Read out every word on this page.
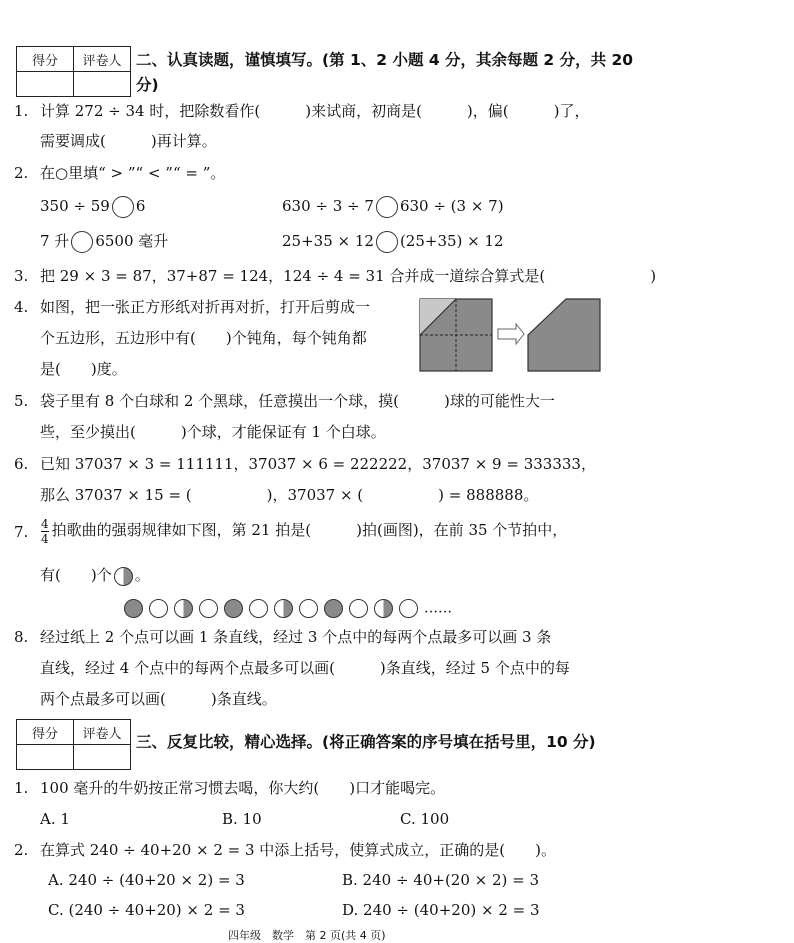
得分	评卷人
	二、认真读题，谨慎填写。(第 1、2 小题 4 分，其余每题 2 分，共 20
分)
1. 计算 272 ÷ 34 时，把除数看作(　　　)来试商，初商是(　　　)，偏(　　　)了，
需要调成(　　　)再计算。
2. 在○里填“ > ”“ < ”“ = ”。
350 ÷ 59 6	630 ÷ 3 ÷ 7 630 ÷ (3 × 7)
7 升 6500 毫升	25+35 × 12 (25+35) × 12
3. 把 29 × 3 = 87，37+87 = 124，124 ÷ 4 = 31 合并成一道综合算式是(　　　　　　　)
4. 如图，把一张正方形纸对折再对折，打开后剪成一
个五边形，五边形中有(　　)个钝角，每个钝角都
是(　　)度。
5. 袋子里有 8 个白球和 2 个黑球，任意摸出一个球，摸(　　　)球的可能性大一
些，至少摸出(　　　)个球，才能保证有 1 个白球。
6. 已知 37037 × 3 = 111111，37037 × 6 = 222222，37037 × 9 = 333333，
那么 37037 × 15 = (　　　　　)，37037 × (　　　　　) = 888888。
7. $\frac{4}{4}$ 拍歌曲的强弱规律如下图，第 21 拍是(　　　)拍(画图)，在前 35 个节拍中，
有(　　)个 。
……
8. 经过纸上 2 个点可以画 1 条直线，经过 3 个点中的每两个点最多可以画 3 条
直线，经过 4 个点中的每两个点最多可以画(　　　)条直线，经过 5 个点中的每
两个点最多可以画(　　　)条直线。
得分	评卷人
	三、反复比较，精心选择。(将正确答案的序号填在括号里，10 分)
1. 100 毫升的牛奶按正常习惯去喝，你大约(　　)口才能喝完。
A. 1	B. 10	C. 100
2. 在算式 240 ÷ 40+20 × 2 = 3 中添上括号，使算式成立，正确的是(　　)。
A. 240 ÷ (40+20 × 2) = 3	B. 240 ÷ 40+(20 × 2) = 3
C. (240 ÷ 40+20) × 2 = 3	D. 240 ÷ (40+20) × 2 = 3
四年级　数学　第 2 页(共 4 页)
